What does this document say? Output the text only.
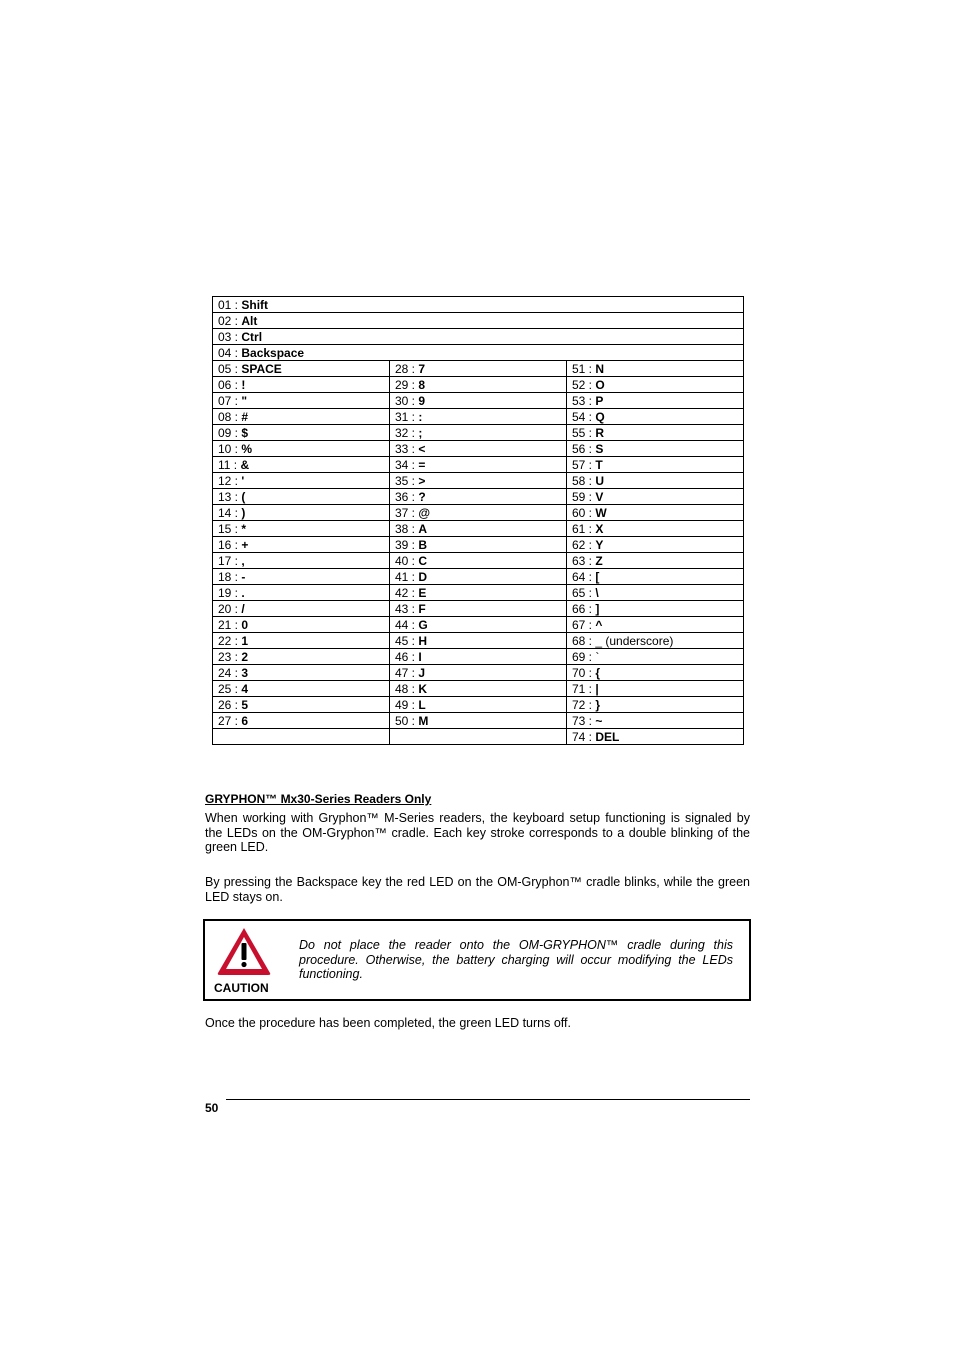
01 : Shift		
02 : Alt		
03 : Ctrl		
04 : Backspace		
05 : SPACE	28 : 7	51 : N
06 : !	29 : 8	52 : O
07 : "	30 : 9	53 : P
08 : #	31 : :	54 : Q
09 : $	32 : ;	55 : R
10 : %	33 : <	56 : S
11 : &	34 : =	57 : T
12 : '	35 : >	58 : U
13 : (	36 : ?	59 : V
14 : )	37 : @	60 : W
15 : *	38 : A	61 : X
16 : +	39 : B	62 : Y
17 : ,	40 : C	63 : Z
18 : -	41 : D	64 : [
19 : .	42 : E	65 : \
20 : /	43 : F	66 : ]
21 : 0	44 : G	67 : ^
22 : 1	45 : H	68 : _ (underscore)
23 : 2	46 : I	69 : `
24 : 3	47 : J	70 : {
25 : 4	48 : K	71 : |
26 : 5	49 : L	72 : }
27 : 6	50 : M	73 : ~
		74 : DEL
GRYPHON™ Mx30-Series Readers Only
When working with Gryphon™ M-Series readers, the keyboard setup functioning is signaled by the LEDs on the OM-Gryphon™ cradle. Each key stroke corresponds to a double blinking of the green LED.
By pressing the Backspace key the red LED on the OM-Gryphon™ cradle blinks, while the green LED stays on.
CAUTION
Do not place the reader onto the OM-GRYPHON™ cradle during this procedure. Otherwise, the battery charging will occur modifying the LEDs functioning.
Once the procedure has been completed, the green LED turns off.
50
